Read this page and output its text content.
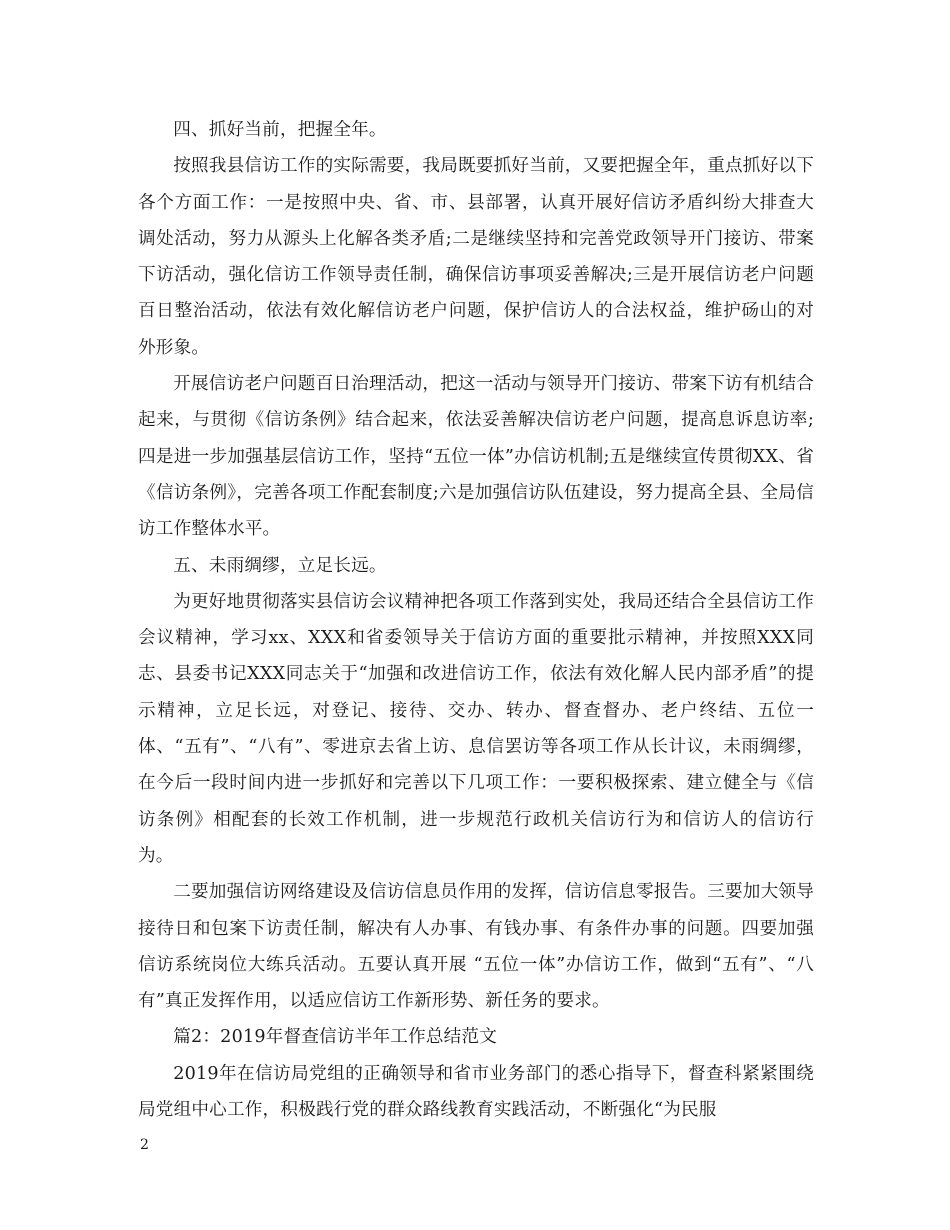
四、抓好当前，把握全年。

按照我县信访工作的实际需要，我局既要抓好当前，又要把握全年，重点抓好以下各个方面工作：一是按照中央、省、市、县部署，认真开展好信访矛盾纠纷大排查大调处活动，努力从源头上化解各类矛盾;二是继续坚持和完善党政领导开门接访、带案下访活动，强化信访工作领导责任制，确保信访事项妥善解决;三是开展信访老户问题百日整治活动，依法有效化解信访老户问题，保护信访人的合法权益，维护砀山的对外形象。

开展信访老户问题百日治理活动，把这一活动与领导开门接访、带案下访有机结合起来，与贯彻《信访条例》结合起来，依法妥善解决信访老户问题，提高息诉息访率;四是进一步加强基层信访工作，坚持“五位一体”办信访机制;五是继续宣传贯彻XX、省《信访条例》，完善各项工作配套制度;六是加强信访队伍建设，努力提高全县、全局信访工作整体水平。

五、未雨绸缪，立足长远。

为更好地贯彻落实县信访会议精神把各项工作落到实处，我局还结合全县信访工作会议精神，学习xx、XXX和省委领导关于信访方面的重要批示精神，并按照XXX同志、县委书记XXX同志关于“加强和改进信访工作，依法有效化解人民内部矛盾”的提示精神，立足长远，对登记、接待、交办、转办、督查督办、老户终结、五位一体、“五有”、“八有”、零进京去省上访、息信罢访等各项工作从长计议，未雨绸缪，在今后一段时间内进一步抓好和完善以下几项工作：一要积极探索、建立健全与《信访条例》相配套的长效工作机制，进一步规范行政机关信访行为和信访人的信访行为。

二要加强信访网络建设及信访信息员作用的发挥，信访信息零报告。三要加大领导接待日和包案下访责任制，解决有人办事、有钱办事、有条件办事的问题。四要加强信访系统岗位大练兵活动。五要认真开展 “五位一体”办信访工作，做到“五有”、“八有”真正发挥作用，以适应信访工作新形势、新任务的要求。

篇2：2019年督查信访半年工作总结范文

2019年在信访局党组的正确领导和省市业务部门的悉心指导下，督查科紧紧围绕局党组中心工作，积极践行党的群众路线教育实践活动，不断强化“为民服

2
